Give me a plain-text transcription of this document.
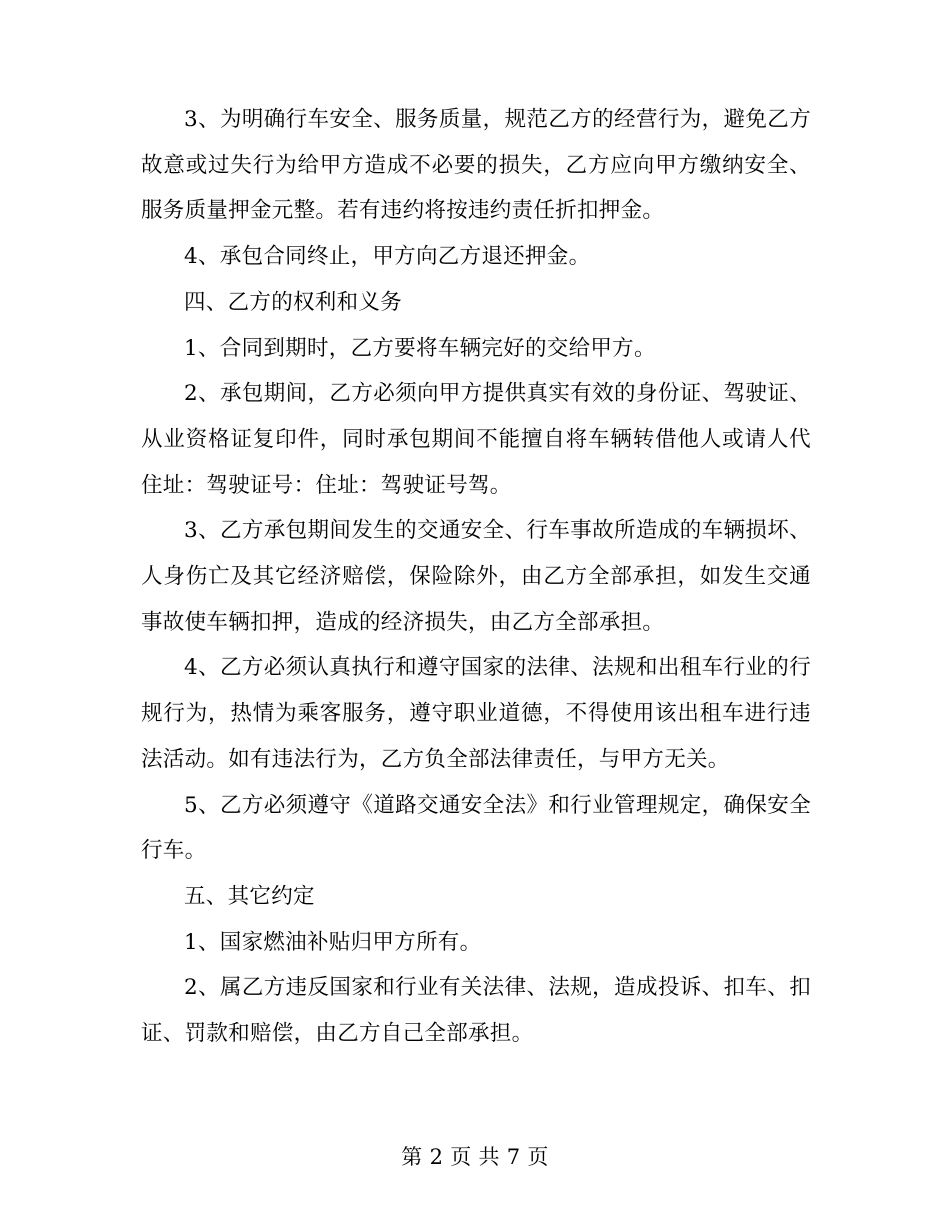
3、为明确行车安全、服务质量，规范乙方的经营行为，避免乙方故意或过失行为给甲方造成不必要的损失，乙方应向甲方缴纳安全、服务质量押金元整。若有违约将按违约责任折扣押金。

4、承包合同终止，甲方向乙方退还押金。

四、乙方的权利和义务

1、合同到期时，乙方要将车辆完好的交给甲方。

2、承包期间，乙方必须向甲方提供真实有效的身份证、驾驶证、从业资格证复印件，同时承包期间不能擅自将车辆转借他人或请人代住址：驾驶证号：住址：驾驶证号驾。

3、乙方承包期间发生的交通安全、行车事故所造成的车辆损坏、人身伤亡及其它经济赔偿，保险除外，由乙方全部承担，如发生交通事故使车辆扣押，造成的经济损失，由乙方全部承担。

4、乙方必须认真执行和遵守国家的法律、法规和出租车行业的行规行为，热情为乘客服务，遵守职业道德，不得使用该出租车进行违法活动。如有违法行为，乙方负全部法律责任，与甲方无关。

5、乙方必须遵守《道路交通安全法》和行业管理规定，确保安全行车。

五、其它约定

1、国家燃油补贴归甲方所有。

2、属乙方违反国家和行业有关法律、法规，造成投诉、扣车、扣证、罚款和赔偿，由乙方自己全部承担。

第 2 页 共 7 页
